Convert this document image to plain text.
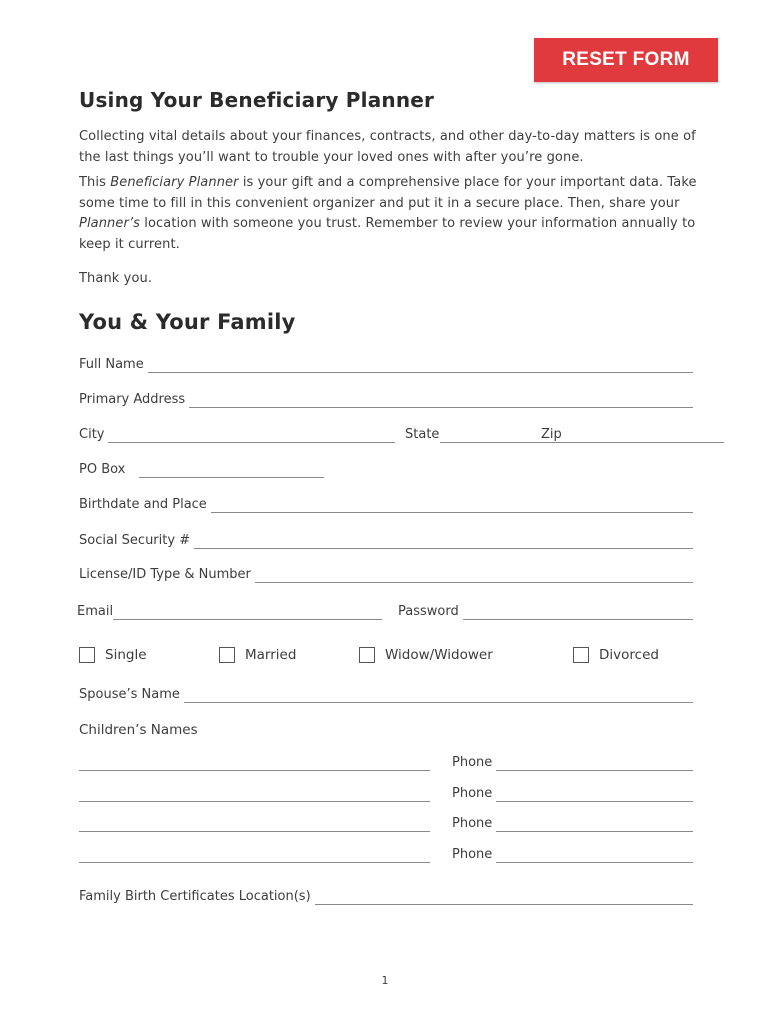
RESET FORM
Using Your Beneficiary Planner

Collecting vital details about your finances, contracts, and other day-to-day matters is one of the last things you’ll want to trouble your loved ones with after you’re gone.

This Beneficiary Planner is your gift and a comprehensive place for your important data. Take some time to fill in this convenient organizer and put it in a secure place. Then, share your Planner’s location with someone you trust. Remember to review your information annually to keep it current.

Thank you.

You & Your Family
Full Name
Primary Address
City	State	Zip
PO Box
Birthdate and Place
Social Security #
License/ID Type & Number
Email	Password
Single	Married	Widow/Widower	Divorced
Spouse’s Name
Children’s Names
Phone
Phone
Phone
Phone
Family Birth Certificates Location(s)
1
